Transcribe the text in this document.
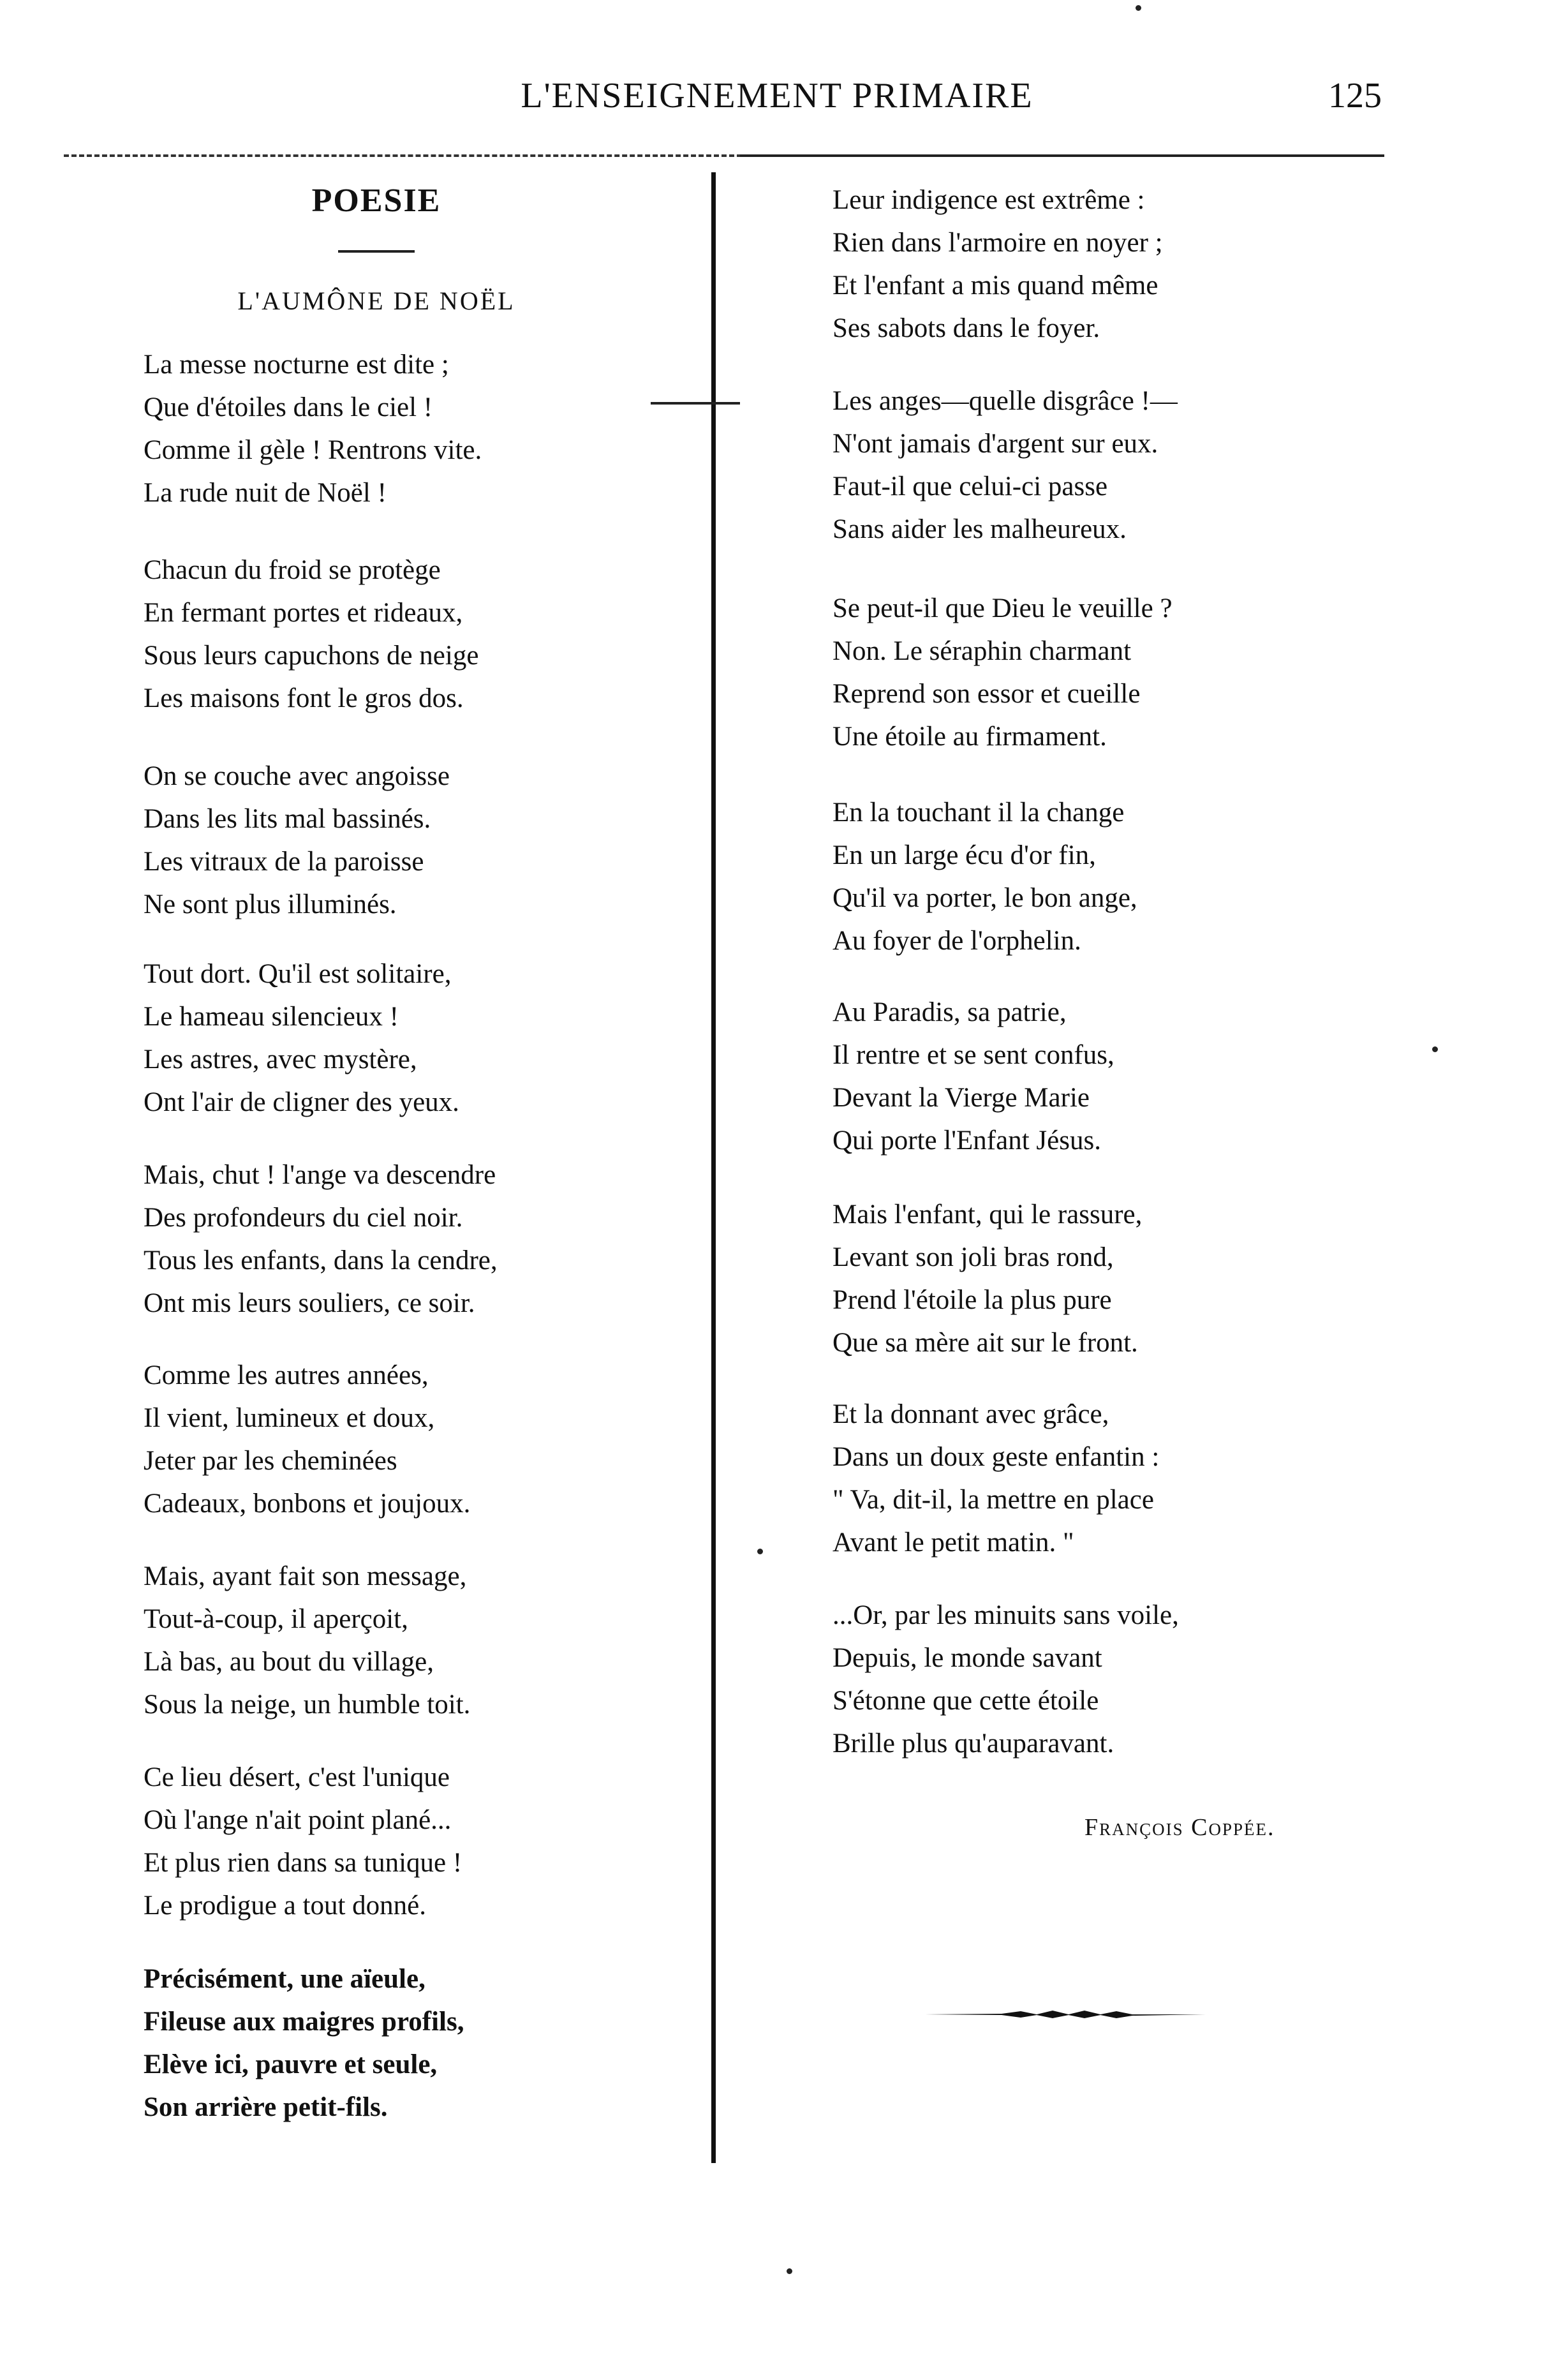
L'ENSEIGNEMENT PRIMAIRE	125
POESIE
L'AUMÔNE DE NOËL
La messe nocturne est dite ;
Que d'étoiles dans le ciel !
Comme il gèle ! Rentrons vite.
La rude nuit de Noël !
Chacun du froid se protège
En fermant portes et rideaux,
Sous leurs capuchons de neige
Les maisons font le gros dos.
On se couche avec angoisse
Dans les lits mal bassinés.
Les vitraux de la paroisse
Ne sont plus illuminés.
Tout dort. Qu'il est solitaire,
Le hameau silencieux !
Les astres, avec mystère,
Ont l'air de cligner des yeux.
Mais, chut ! l'ange va descendre
Des profondeurs du ciel noir.
Tous les enfants, dans la cendre,
Ont mis leurs souliers, ce soir.
Comme les autres années,
Il vient, lumineux et doux,
Jeter par les cheminées
Cadeaux, bonbons et joujoux.
Mais, ayant fait son message,
Tout-à-coup, il aperçoit,
Là bas, au bout du village,
Sous la neige, un humble toit.
Ce lieu désert, c'est l'unique
Où l'ange n'ait point plané...
Et plus rien dans sa tunique !
Le prodigue a tout donné.
Précisément, une aïeule,
Fileuse aux maigres profils,
Elève ici, pauvre et seule,
Son arrière petit-fils.
Leur indigence est extrême :
Rien dans l'armoire en noyer ;
Et l'enfant a mis quand même
Ses sabots dans le foyer.
Les anges—quelle disgrâce !—
N'ont jamais d'argent sur eux.
Faut-il que celui-ci passe
Sans aider les malheureux.
Se peut-il que Dieu le veuille ?
Non. Le séraphin charmant
Reprend son essor et cueille
Une étoile au firmament.
En la touchant il la change
En un large écu d'or fin,
Qu'il va porter, le bon ange,
Au foyer de l'orphelin.
Au Paradis, sa patrie,
Il rentre et se sent confus,
Devant la Vierge Marie
Qui porte l'Enfant Jésus.
Mais l'enfant, qui le rassure,
Levant son joli bras rond,
Prend l'étoile la plus pure
Que sa mère ait sur le front.
Et la donnant avec grâce,
Dans un doux geste enfantin :
" Va, dit-il, la mettre en place
Avant le petit matin. "
...Or, par les minuits sans voile,
Depuis, le monde savant
S'étonne que cette étoile
Brille plus qu'auparavant.
François Coppée.
